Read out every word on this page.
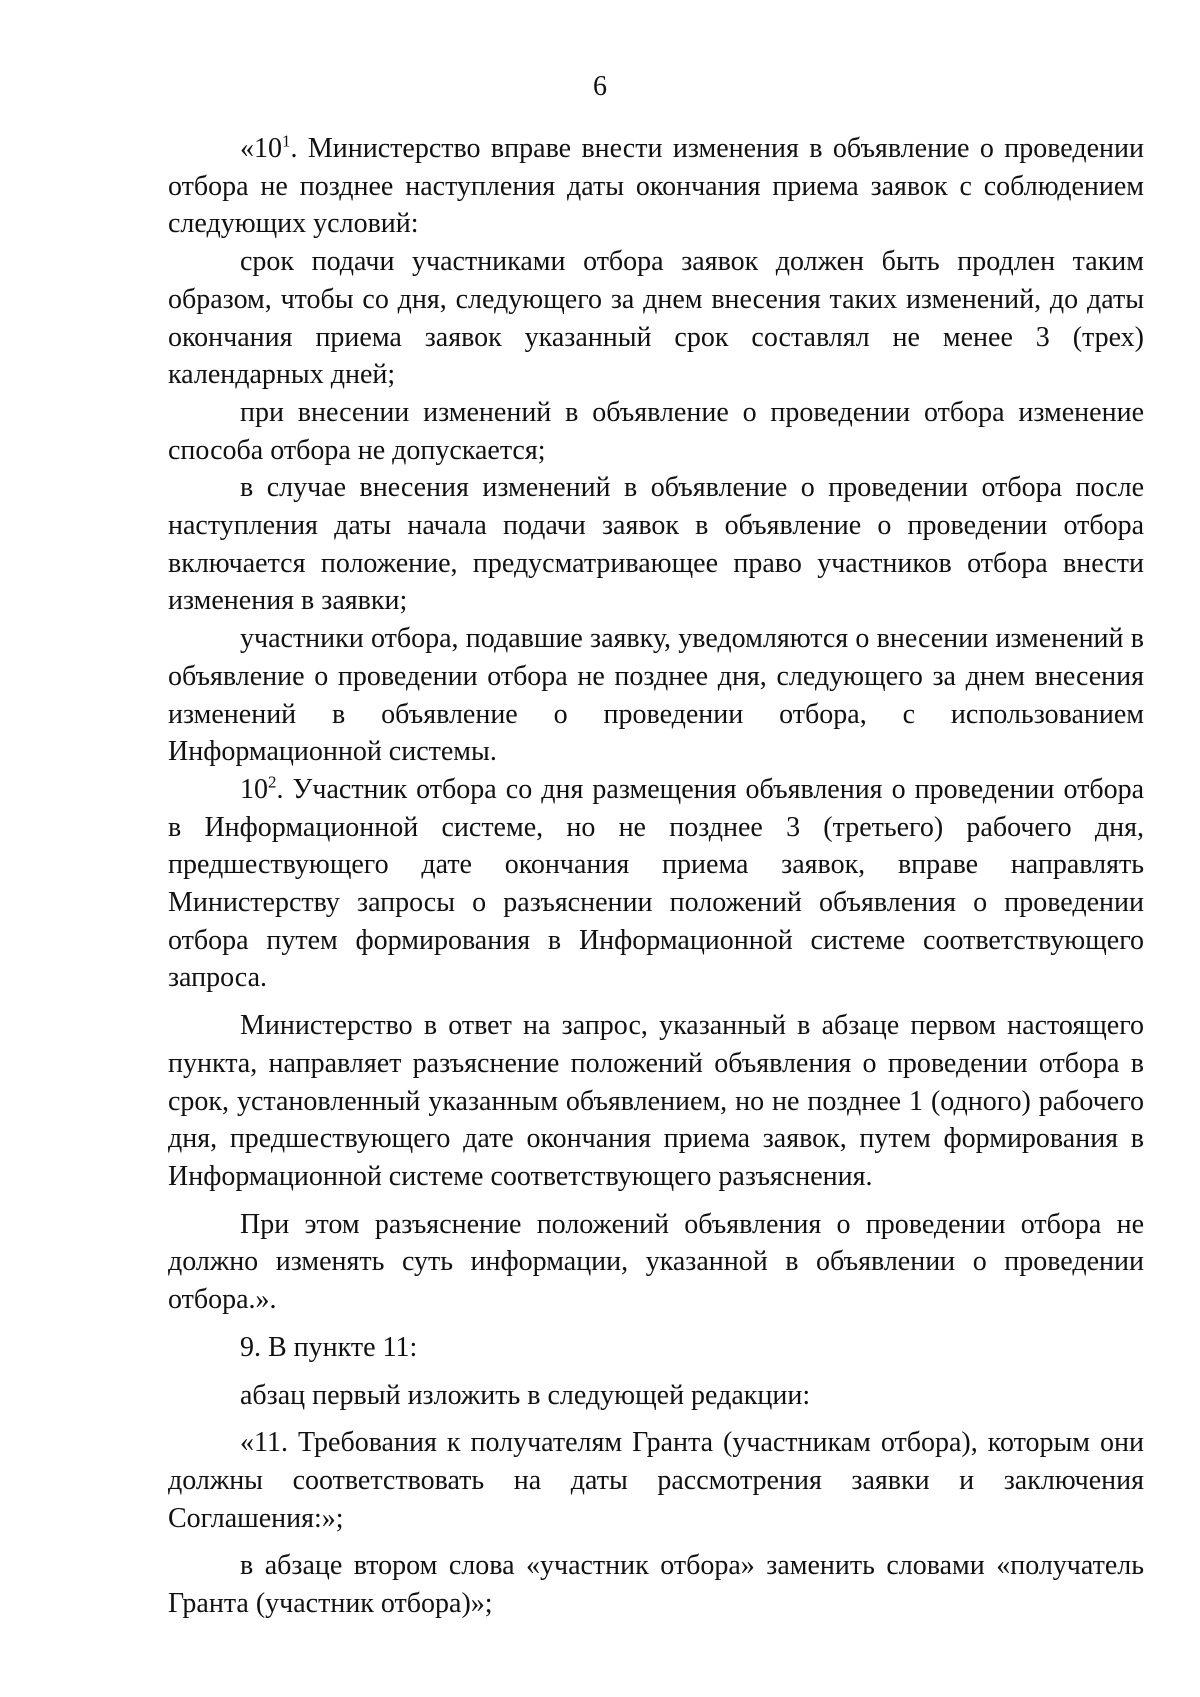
6

«$10^1$. Министерство вправе внести изменения в объявление о проведении отбора не позднее наступления даты окончания приема заявок с соблюдением следующих условий:

срок подачи участниками отбора заявок должен быть продлен таким образом, чтобы со дня, следующего за днем внесения таких изменений, до даты окончания приема заявок указанный срок составлял не менее 3 (трех) календарных дней;

при внесении изменений в объявление о проведении отбора изменение способа отбора не допускается;

в случае внесения изменений в объявление о проведении отбора после наступления даты начала подачи заявок в объявление о проведении отбора включается положение, предусматривающее право участников отбора внести изменения в заявки;

участники отбора, подавшие заявку, уведомляются о внесении изменений в объявление о проведении отбора не позднее дня, следующего за днем внесения изменений в объявление о проведении отбора, с использованием Информационной системы.

$10^2$. Участник отбора со дня размещения объявления о проведении отбора в Информационной системе, но не позднее 3 (третьего) рабочего дня, предшествующего дате окончания приема заявок, вправе направлять Министерству запросы о разъяснении положений объявления о проведении отбора путем формирования в Информационной системе соответствующего запроса.

Министерство в ответ на запрос, указанный в абзаце первом настоящего пункта, направляет разъяснение положений объявления о проведении отбора в срок, установленный указанным объявлением, но не позднее 1 (одного) рабочего дня, предшествующего дате окончания приема заявок, путем формирования в Информационной системе соответствующего разъяснения.

При этом разъяснение положений объявления о проведении отбора не должно изменять суть информации, указанной в объявлении о проведении отбора.».

9. В пункте 11:

абзац первый изложить в следующей редакции:

«11. Требования к получателям Гранта (участникам отбора), которым они должны соответствовать на даты рассмотрения заявки и заключения Соглашения:»;

в абзаце втором слова «участник отбора» заменить словами «получатель Гранта (участник отбора)»;
